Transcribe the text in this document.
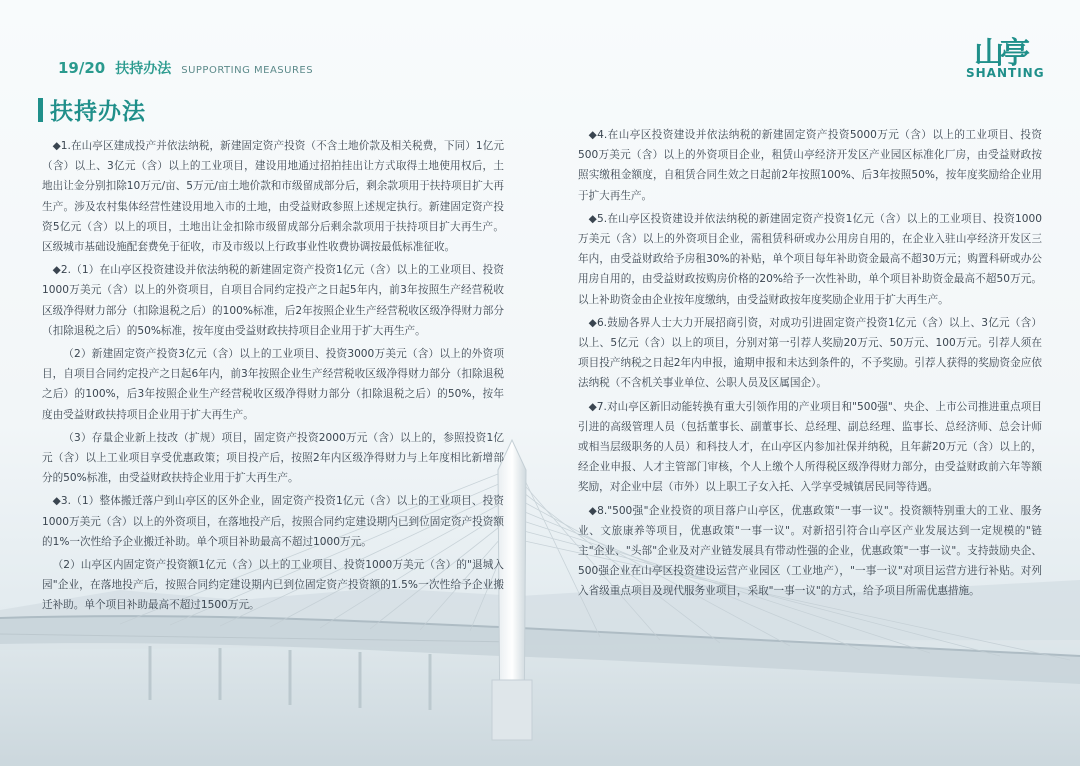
19/20 扶持办法 SUPPORTING MEASURES	山亭
SHANTING
扶持办法

◆1.在山亭区建成投产并依法纳税，新建固定资产投资（不含土地价款及相关税费，下同）1亿元（含）以上、3亿元（含）以上的工业项目，建设用地通过招拍挂出让方式取得土地使用权后，土地出让金分别扣除10万元/亩、5万元/亩土地价款和市级留成部分后，剩余款项用于扶持项目扩大再生产。涉及农村集体经营性建设用地入市的土地，由受益财政参照上述规定执行。新建固定资产投资5亿元（含）以上的项目，土地出让金扣除市级留成部分后剩余款项用于扶持项目扩大再生产。区级城市基础设施配套费免于征收，市及市级以上行政事业性收费协调按最低标准征收。

◆2.（1）在山亭区投资建设并依法纳税的新建固定资产投资1亿元（含）以上的工业项目、投资1000万美元（含）以上的外资项目，自项目合同约定投产之日起5年内，前3年按照生产经营税收区级净得财力部分（扣除退税之后）的100%标准，后2年按照企业生产经营税收区级净得财力部分（扣除退税之后）的50%标准，按年度由受益财政扶持项目企业用于扩大再生产。

（2）新建固定资产投资3亿元（含）以上的工业项目、投资3000万美元（含）以上的外资项目，自项目合同约定投产之日起6年内，前3年按照企业生产经营税收区级净得财力部分（扣除退税之后）的100%，后3年按照企业生产经营税收区级净得财力部分（扣除退税之后）的50%，按年度由受益财政扶持项目企业用于扩大再生产。

（3）存量企业新上技改（扩规）项目，固定资产投资2000万元（含）以上的，参照投资1亿元（含）以上工业项目享受优惠政策；项目投产后，按照2年内区级净得财力与上年度相比新增部分的50%标准，由受益财政扶持企业用于扩大再生产。

◆3.（1）整体搬迁落户到山亭区的区外企业，固定资产投资1亿元（含）以上的工业项目、投资1000万美元（含）以上的外资项目，在落地投产后，按照合同约定建设期内已到位固定资产投资额的1%一次性给予企业搬迁补助。单个项目补助最高不超过1000万元。

（2）山亭区内固定资产投资额1亿元（含）以上的工业项目、投资1000万美元（含）的"退城入园"企业，在落地投产后，按照合同约定建设期内已到位固定资产投资额的1.5%一次性给予企业搬迁补助。单个项目补助最高不超过1500万元。

◆4.在山亭区投资建设并依法纳税的新建固定资产投资5000万元（含）以上的工业项目、投资500万美元（含）以上的外资项目企业，租赁山亭经济开发区产业园区标准化厂房，由受益财政按照实缴租金额度，自租赁合同生效之日起前2年按照100%、后3年按照50%，按年度奖励给企业用于扩大再生产。

◆5.在山亭区投资建设并依法纳税的新建固定资产投资1亿元（含）以上的工业项目、投资1000万美元（含）以上的外资项目企业，需租赁科研或办公用房自用的，在企业入驻山亭经济开发区三年内，由受益财政给予房租30%的补贴，单个项目每年补助资金最高不超30万元；购置科研或办公用房自用的，由受益财政按购房价格的20%给予一次性补助，单个项目补助资金最高不超50万元。以上补助资金由企业按年度缴纳，由受益财政按年度奖励企业用于扩大再生产。

◆6.鼓励各界人士大力开展招商引资，对成功引进固定资产投资1亿元（含）以上、3亿元（含）以上、5亿元（含）以上的项目，分别对第一引荐人奖励20万元、50万元、100万元。引荐人须在项目投产纳税之日起2年内申报，逾期申报和未达到条件的，不予奖励。引荐人获得的奖励资金应依法纳税（不含机关事业单位、公职人员及区属国企）。

◆7.对山亭区新旧动能转换有重大引领作用的产业项目和"500强"、央企、上市公司推进重点项目引进的高级管理人员（包括董事长、副董事长、总经理、副总经理、监事长、总经济师、总会计师或相当层级职务的人员）和科技人才，在山亭区内参加社保并纳税，且年薪20万元（含）以上的，经企业申报、人才主管部门审核，个人上缴个人所得税区级净得财力部分，由受益财政前六年等额奖励，对企业中层（市外）以上职工子女入托、入学享受城镇居民同等待遇。

◆8."500强"企业投资的项目落户山亭区，优惠政策"一事一议"。投资额特别重大的工业、服务业、文旅康养等项目，优惠政策"一事一议"。对新招引符合山亭区产业发展达到一定规模的"链主"企业、"头部"企业及对产业链发展具有带动性强的企业，优惠政策"一事一议"。支持鼓励央企、500强企业在山亭区投资建设运营产业园区（工业地产），"一事一议"对项目运营方进行补贴。对列入省级重点项目及现代服务业项目，采取"一事一议"的方式，给予项目所需优惠措施。
